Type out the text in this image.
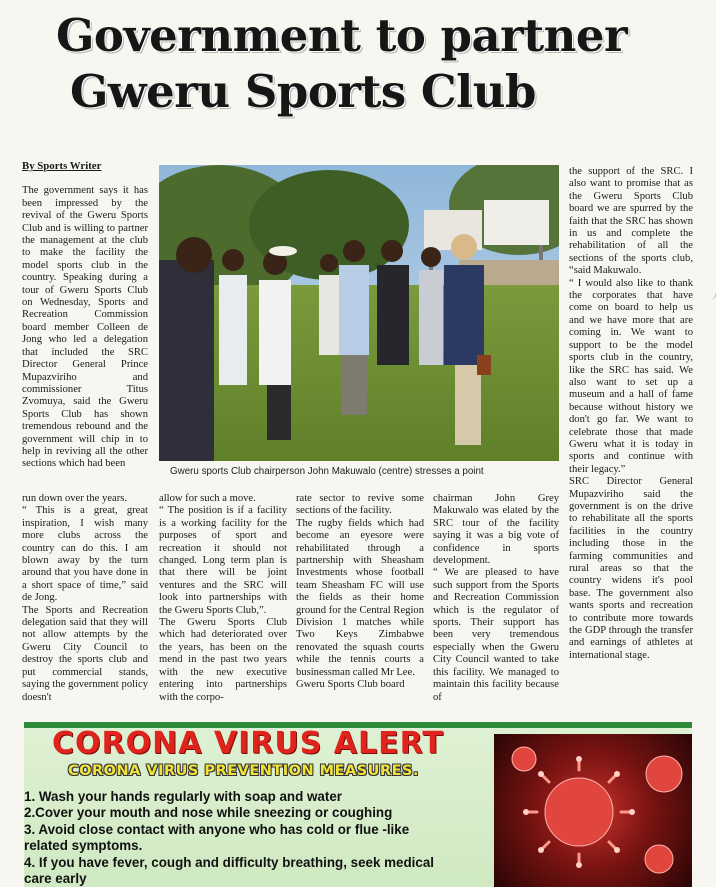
Government to partner
Gweru Sports Club

By Sports Writer

The government says it has been impressed by the revival of the Gweru Sports Club and is willing to partner the management at the club to make the facility the model sports club in the country. Speaking during a tour of Gweru Sports Club on Wednesday, Sports and Recreation Commission board member Colleen de Jong who led a delegation that included the SRC Director General Prince Mupazviriho and commissioner Titus Zvomuya, said the Gweru Sports Club has shown tremendous rebound and the government will chip in to help in reviving all the other sections which had been

Gweru sports Club chairperson John Makuwalo (centre) stresses a point

run down over the years.

“ This is a great, great inspiration, I wish many more clubs across the country can do this. I am blown away by the turn around that you have done in a short space of time,” said de Jong.

The Sports and Recreation delegation said that they will not allow attempts by the Gweru City Council to destroy the sports club and put commercial stands, saying the government policy doesn't

allow for such a move.

“ The position is if a facility is a working facility for the purposes of sport and recreation it should not changed. Long term plan is that there will be joint ventures and the SRC will look into partnerships with the Gweru Sports Club,”.

The Gweru Sports Club which had deteriorated over the years, has been on the mend in the past two years with the new executive entering into partnerships with the corpo-

rate sector to revive some sections of the facility.

The rugby fields which had become an eyesore were rehabilitated through a partnership with Sheasham Investments whose football team Sheasham FC will use the fields as their home ground for the Central Region Division 1 matches while Two Keys Zimbabwe renovated the squash courts while the tennis courts a businessman called Mr Lee.

Gweru Sports Club board

chairman John Grey Makuwalo was elated by the SRC tour of the facility saying it was a big vote of confidence in sports development.

“ We are pleased to have such support from the Sports and Recreation Commission which is the regulator of sports. Their support has been very tremendous especially when the Gweru City Council wanted to take this facility. We managed to maintain this facility because of

the support of the SRC. I also want to promise that as the Gweru Sports Club board we are spurred by the faith that the SRC has shown in us and complete the rehabilitation of all the sections of the sports club, “said Makuwalo.

“ I would also like to thank the corporates that have come on board to help us and we have more that are coming in. We want to support to be the model sports club in the country, like the SRC has said. We also want to set up a museum and a hall of fame because without history we don't go far. We want to celebrate those that made Gweru what it is today in sports and continue with their legacy.”

SRC Director General Mupazviriho said the government is on the drive to rehabilitate all the sports facilities in the country including those in the farming communities and rural areas so that the country widens it's pool base. The government also wants sports and recreation to contribute more towards the GDP through the transfer and earnings of athletes at international stage.

CORONA VIRUS ALERT
CORONA VIRUS PREVENTION MEASURES.
1. Wash your hands regularly with soap and water
2.Cover your mouth and nose while sneezing or coughing
3. Avoid close contact with anyone who has cold or flue -like
related symptoms.
4. If you have fever, cough and difficulty breathing, seek medical
care early
